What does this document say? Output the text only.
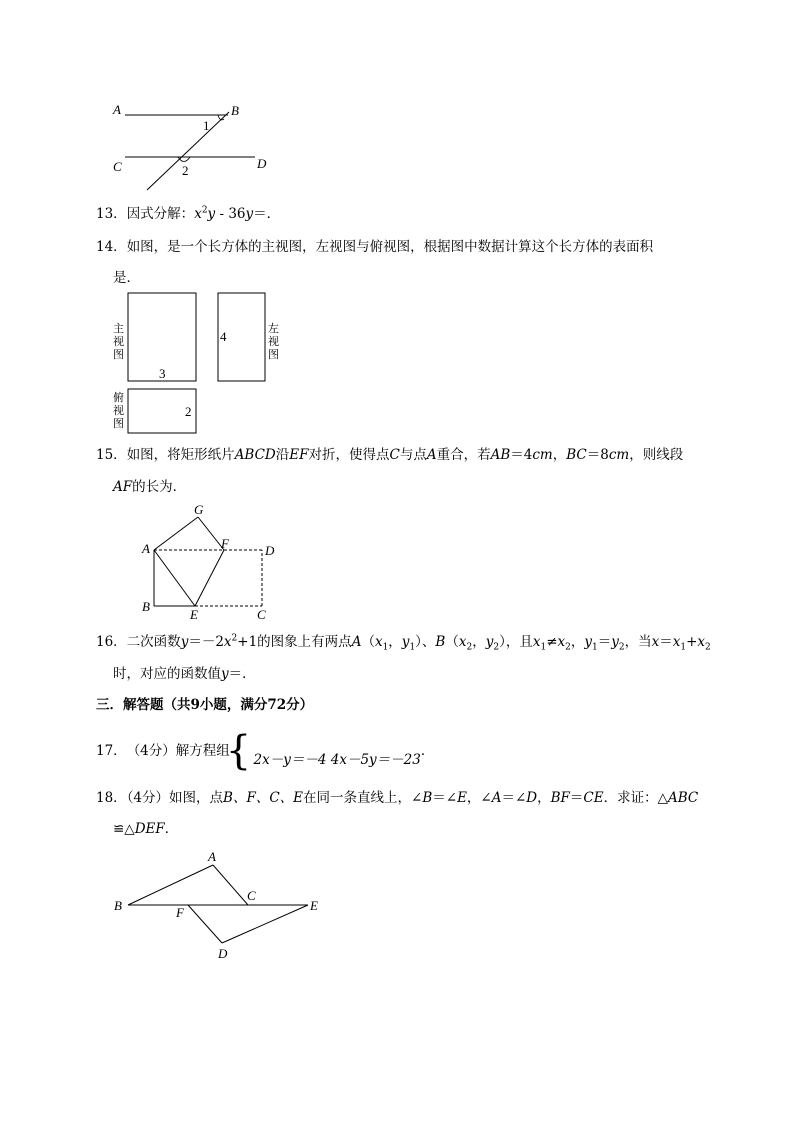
A	B
C	D
1
2
13．因式分解：$x^2y - 36y=$．
14．如图，是一个长方体的主视图，左视图与俯视图，根据图中数据计算这个长方体的表面积
是．
主
视
图
左
视
图
俯
视
图
3
4
2
15．如图，将矩形纸片ABCD沿EF对折，使得点C与点A重合，若AB＝4cm，BC＝8cm，则线段
AF的长为．
A
B
C
D
E
F
G
16．二次函数$y=-2x^2+1$的图象上有两点$A(x_1$，$y_1$）、$B(x_2$，$y_2$），且$x_1\ne x_2$，$y_1=y_2$，当$x=x_1+x_2$
时，对应的函数值y＝．
三．解答题（共9小题，满分72分）
17． （4分）解方程组
{ 2x－y＝－4 4x－5y＝－23
．
18．（4分）如图，点B、F、C、E在同一条直线上，∠B＝∠E，∠A＝∠D，BF＝CE．求证：△ABC
≌△DEF．
A
B
C
D
E
F
